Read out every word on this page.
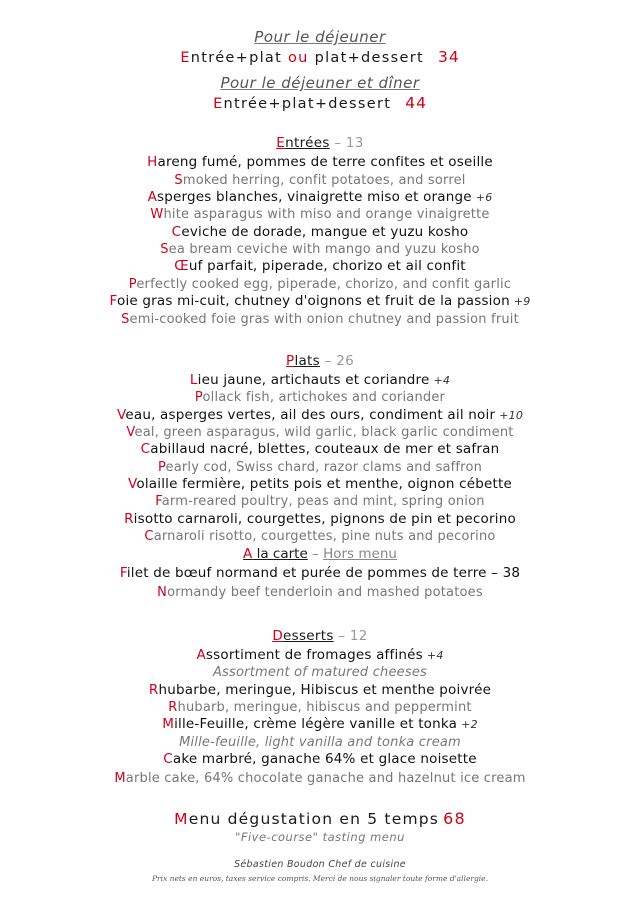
Pour le déjeuner
Entrée+plat ou plat+dessert 34
Pour le déjeuner et dîner
Entrée+plat+dessert 44
Entrées – 13
Hareng fumé, pommes de terre confites et oseille
Smoked herring, confit potatoes, and sorrel
Asperges blanches, vinaigrette miso et orange +6
White asparagus with miso and orange vinaigrette
Ceviche de dorade, mangue et yuzu kosho
Sea bream ceviche with mango and yuzu kosho
Œuf parfait, piperade, chorizo et ail confit
Perfectly cooked egg, piperade, chorizo, and confit garlic
Foie gras mi-cuit, chutney d'oignons et fruit de la passion +9
Semi-cooked foie gras with onion chutney and passion fruit
Plats – 26
Lieu jaune, artichauts et coriandre +4
Pollack fish, artichokes and coriander
Veau, asperges vertes, ail des ours, condiment ail noir +10
Veal, green asparagus, wild garlic, black garlic condiment
Cabillaud nacré, blettes, couteaux de mer et safran
Pearly cod, Swiss chard, razor clams and saffron
Volaille fermière, petits pois et menthe, oignon cébette
Farm-reared poultry, peas and mint, spring onion
Risotto carnaroli, courgettes, pignons de pin et pecorino
Carnaroli risotto, courgettes, pine nuts and pecorino
A la carte – Hors menu
Filet de bœuf normand et purée de pommes de terre – 38
Normandy beef tenderloin and mashed potatoes
Desserts – 12
Assortiment de fromages affinés +4
Assortment of matured cheeses
Rhubarbe, meringue, Hibiscus et menthe poivrée
Rhubarb, meringue, hibiscus and peppermint
Mille-Feuille, crème légère vanille et tonka +2
Mille-feuille, light vanilla and tonka cream
Cake marbré, ganache 64% et glace noisette
Marble cake, 64% chocolate ganache and hazelnut ice cream
Menu dégustation en 5 temps 68
"Five-course" tasting menu
Sébastien Boudon Chef de cuisine
Prix nets en euros, taxes service compris. Merci de nous signaler toute forme d'allergie.
